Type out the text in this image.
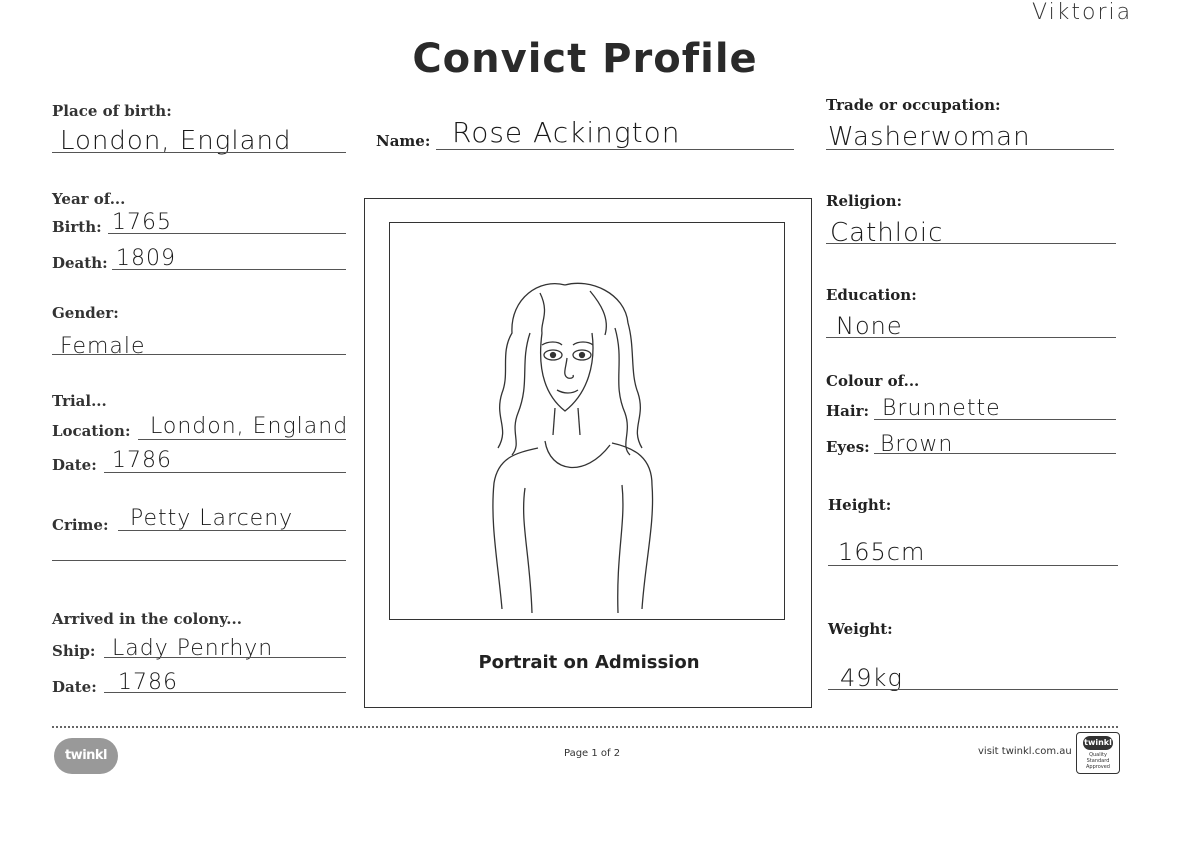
Viktoria
Convict Profile
Place of birth:
London, England
Year of...
Birth: 1765
Death: 1809
Gender:
Female
Trial...
Location: London, England
Date: 1786
Crime: Petty Larceny
Arrived in the colony...
Ship: Lady Penrhyn
Date: 1786
Name: Rose Ackington
Portrait on Admission
Trade or occupation:
Washerwoman
Religion:
Cathloic
Education:
None
Colour of...
Hair: Brunnette
Eyes: Brown
Height:
165cm
Weight:
49kg
twinkl	Page 1 of 2	visit twinkl.com.au
twinkl
Quality Standard Approved
